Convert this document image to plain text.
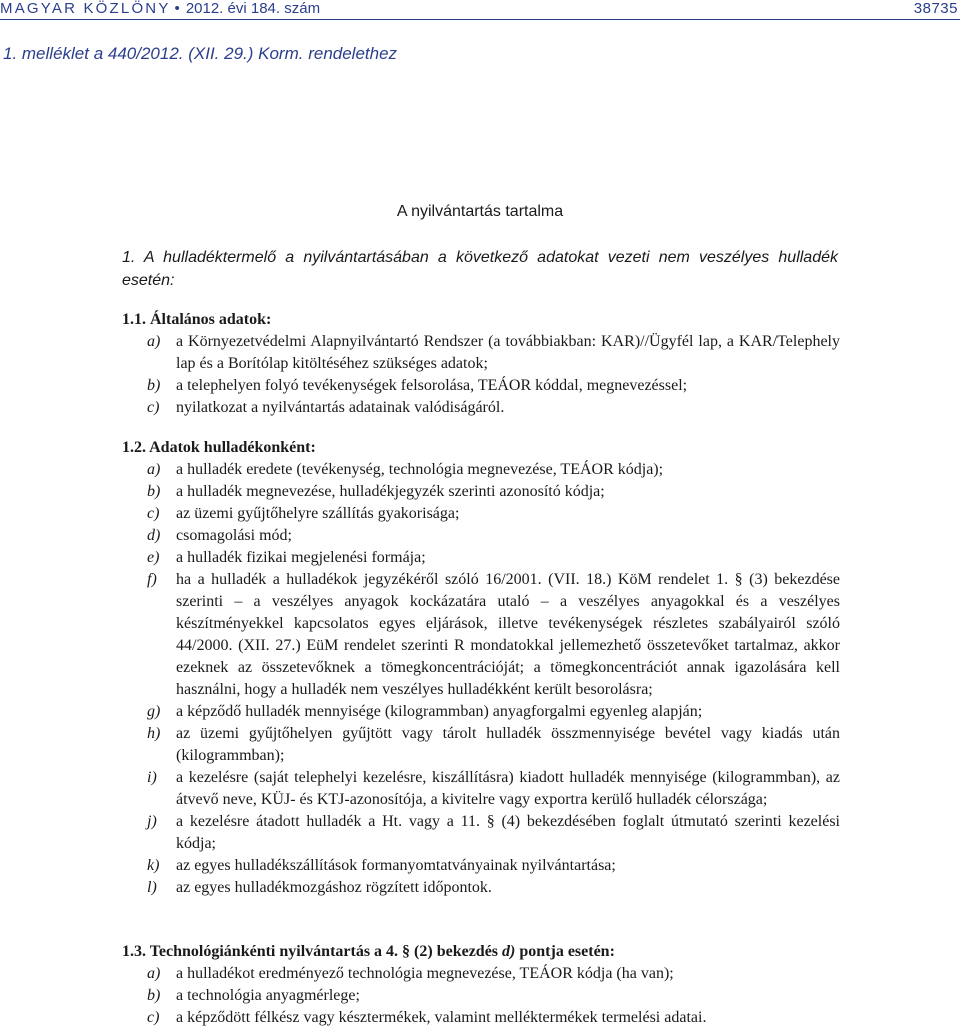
MAGYAR KÖZLÖNY • 2012. évi 184. szám	38735
1. melléklet a 440/2012. (XII. 29.) Korm. rendelethez
A nyilvántartás tartalma
1. A hulladéktermelő a nyilvántartásában a következő adatokat vezeti nem veszélyes hulladék esetén:
1.1. Általános adatok:
a) a Környezetvédelmi Alapnyilvántartó Rendszer (a továbbiakban: KAR)//Ügyfél lap, a KAR/Telephely lap és a Borítólap kitöltéséhez szükséges adatok;
b) a telephelyen folyó tevékenységek felsorolása, TEÁOR kóddal, megnevezéssel;
c) nyilatkozat a nyilvántartás adatainak valódiságáról.
1.2. Adatok hulladékonként:
a) a hulladék eredete (tevékenység, technológia megnevezése, TEÁOR kódja);
b) a hulladék megnevezése, hulladékjegyzék szerinti azonosító kódja;
c) az üzemi gyűjtőhelyre szállítás gyakorisága;
d) csomagolási mód;
e) a hulladék fizikai megjelenési formája;
f) ha a hulladék a hulladékok jegyzékéről szóló 16/2001. (VII. 18.) KöM rendelet 1. § (3) bekezdése szerinti – a veszélyes anyagok kockázatára utaló – a veszélyes anyagokkal és a veszélyes készítményekkel kapcsolatos egyes eljárások, illetve tevékenységek részletes szabályairól szóló 44/2000. (XII. 27.) EüM rendelet szerinti R mondatokkal jellemezhető összetevőket tartalmaz, akkor ezeknek az összetevőknek a tömegkoncentrációját; a tömegkoncentrációt annak igazolására kell használni, hogy a hulladék nem veszélyes hulladékként került besorolásra;
g) a képződő hulladék mennyisége (kilogrammban) anyagforgalmi egyenleg alapján;
h) az üzemi gyűjtőhelyen gyűjtött vagy tárolt hulladék összmennyisége bevétel vagy kiadás után (kilogrammban);
i) a kezelésre (saját telephelyi kezelésre, kiszállításra) kiadott hulladék mennyisége (kilogrammban), az átvevő neve, KÜJ- és KTJ-azonosítója, a kivitelre vagy exportra kerülő hulladék célországa;
j) a kezelésre átadott hulladék a Ht. vagy a 11. § (4) bekezdésében foglalt útmutató szerinti kezelési kódja;
k) az egyes hulladékszállítások formanyomtatványainak nyilvántartása;
l) az egyes hulladékmozgáshoz rögzített időpontok.
1.3. Technológiánkénti nyilvántartás a 4. § (2) bekezdés d) pontja esetén:
a) a hulladékot eredményező technológia megnevezése, TEÁOR kódja (ha van);
b) a technológia anyagmérlege;
c) a képződött félkész vagy késztermékek, valamint melléktermékek termelési adatai.
